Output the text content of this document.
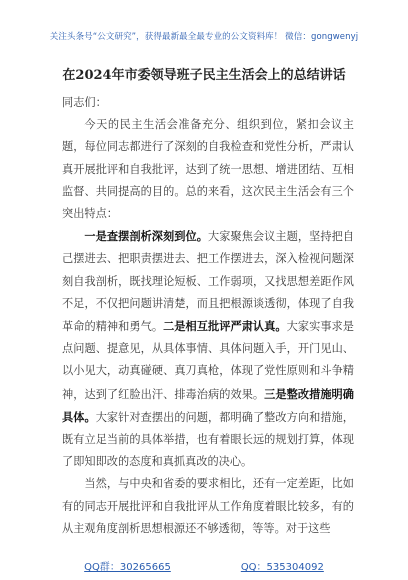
关注头条号“公文研究”，获得最新最全最专业的公文资料库！ 微信：gongwenyj
在2024年市委领导班子民主生活会上的总结讲话

同志们：

今天的民主生活会准备充分、组织到位，紧扣会议主题，每位同志都进行了深刻的自我检查和党性分析，严肃认真开展批评和自我批评，达到了统一思想、增进团结、互相监督、共同提高的目的。总的来看，这次民主生活会有三个突出特点：

一是查摆剖析深刻到位。大家聚焦会议主题，坚持把自己摆进去、把职责摆进去、把工作摆进去，深入检视问题深刻自我剖析，既找理论短板、工作弱项，又找思想差距作风不足，不仅把问题讲清楚，而且把根源谈透彻，体现了自我革命的精神和勇气。二是相互批评严肃认真。大家实事求是点问题、提意见，从具体事情、具体问题入手，开门见山、以小见大，动真碰硬、真刀真枪，体现了党性原则和斗争精神，达到了红脸出汗、排毒治病的效果。三是整改措施明确具体。大家针对查摆出的问题，都明确了整改方向和措施，既有立足当前的具体举措，也有着眼长远的规划打算，体现了即知即改的态度和真抓真改的决心。

当然，与中央和省委的要求相比，还有一定差距，比如有的同志开展批评和自我批评从工作角度着眼比较多，有的从主观角度剖析思想根源还不够透彻，等等。对于这些

QQ群：30265665	QQ：535304092
